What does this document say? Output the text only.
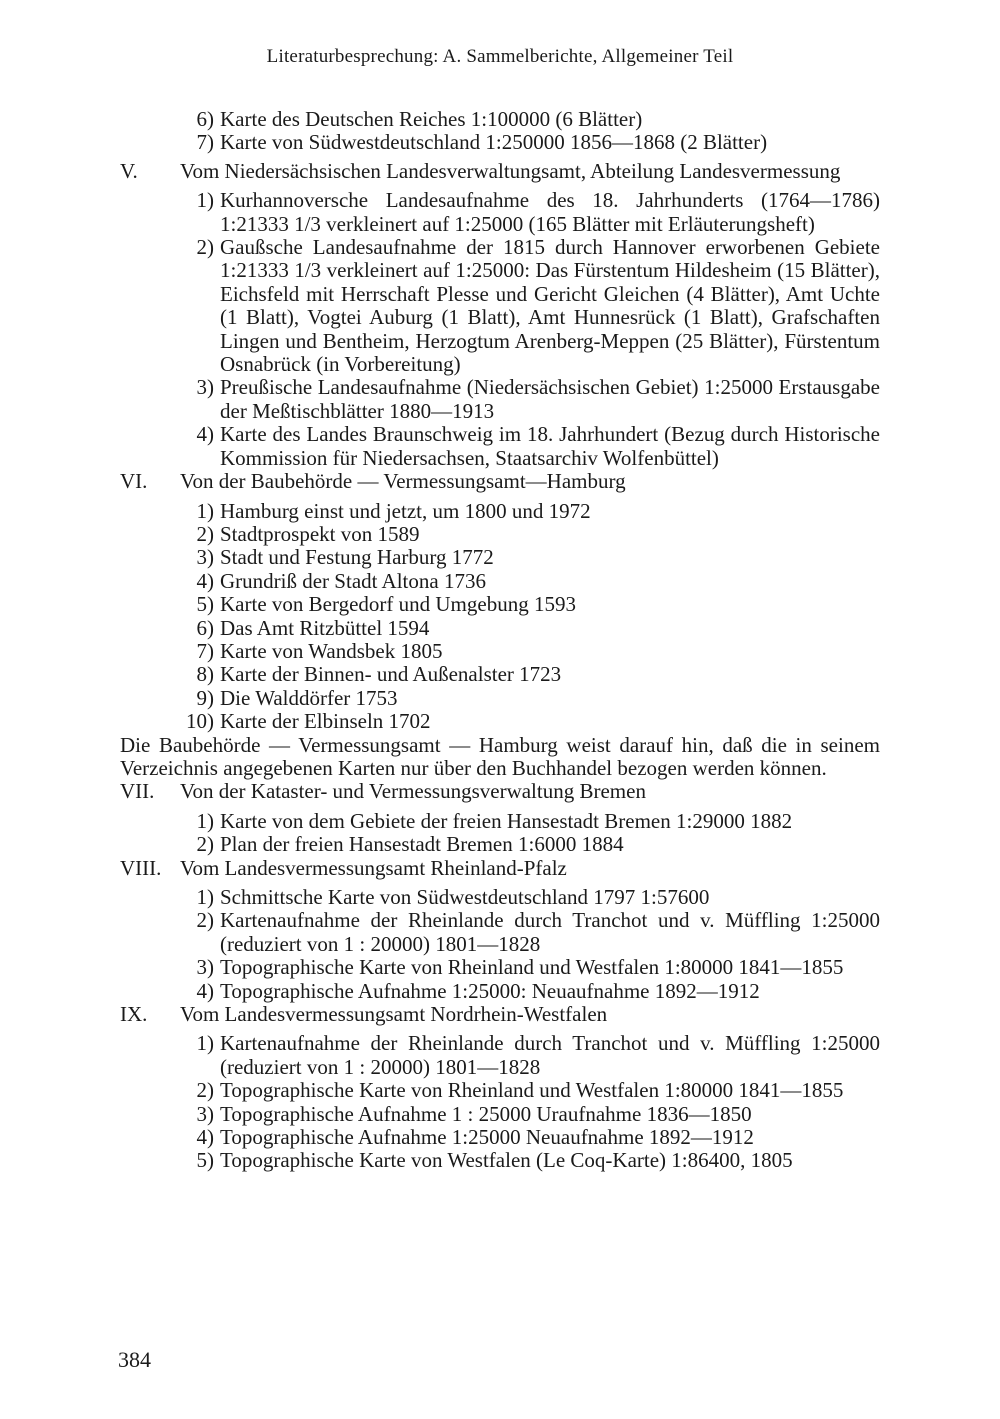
Literaturbesprechung: A. Sammelberichte, Allgemeiner Teil
6) Karte des Deutschen Reiches 1:100000 (6 Blätter)
7) Karte von Südwestdeutschland 1:250000 1856—1868 (2 Blätter)
V.	Vom Niedersächsischen Landesverwaltungsamt, Abteilung Landesvermessung
1) Kurhannoversche Landesaufnahme des 18. Jahrhunderts (1764—1786) 1:21333 1/3 verkleinert auf 1:25000 (165 Blätter mit Erläuterungsheft)
2) Gaußsche Landesaufnahme der 1815 durch Hannover erworbenen Gebiete 1:21333 1/3 verkleinert auf 1:25000: Das Fürstentum Hildesheim (15 Blätter), Eichsfeld mit Herrschaft Plesse und Gericht Gleichen (4 Blätter), Amt Uchte (1 Blatt), Vogtei Auburg (1 Blatt), Amt Hunnesrück (1 Blatt), Grafschaften Lingen und Bentheim, Herzogtum Arenberg-Meppen (25 Blätter), Fürstentum Osnabrück (in Vorbereitung)
3) Preußische Landesaufnahme (Niedersächsischen Gebiet) 1:25000 Erstausgabe der Meßtischblätter 1880—1913
4) Karte des Landes Braunschweig im 18. Jahrhundert (Bezug durch Historische Kommission für Niedersachsen, Staatsarchiv Wolfenbüttel)
VI.	Von der Baubehörde — Vermessungsamt—Hamburg
1) Hamburg einst und jetzt, um 1800 und 1972
2) Stadtprospekt von 1589
3) Stadt und Festung Harburg 1772
4) Grundriß der Stadt Altona 1736
5) Karte von Bergedorf und Umgebung 1593
6) Das Amt Ritzbüttel 1594
7) Karte von Wandsbek 1805
8) Karte der Binnen- und Außenalster 1723
9) Die Walddörfer 1753
10) Karte der Elbinseln 1702

Die Baubehörde — Vermessungsamt — Hamburg weist darauf hin, daß die in seinem Verzeichnis angegebenen Karten nur über den Buchhandel bezogen werden können.

VII.	Von der Kataster- und Vermessungsverwaltung Bremen
1) Karte von dem Gebiete der freien Hansestadt Bremen 1:29000 1882
2) Plan der freien Hansestadt Bremen 1:6000 1884
VIII. Vom Landesvermessungsamt Rheinland-Pfalz
1) Schmittsche Karte von Südwestdeutschland 1797 1:57600
2) Kartenaufnahme der Rheinlande durch Tranchot und v. Müffling 1:25000 (reduziert von 1 : 20000) 1801—1828
3) Topographische Karte von Rheinland und Westfalen 1:80000 1841—1855
4) Topographische Aufnahme 1:25000: Neuaufnahme 1892—1912
IX.	Vom Landesvermessungsamt Nordrhein-Westfalen
1) Kartenaufnahme der Rheinlande durch Tranchot und v. Müffling 1:25000 (reduziert von 1 : 20000) 1801—1828
2) Topographische Karte von Rheinland und Westfalen 1:80000 1841—1855
3) Topographische Aufnahme 1 : 25000 Uraufnahme 1836—1850
4) Topographische Aufnahme 1:25000 Neuaufnahme 1892—1912
5) Topographische Karte von Westfalen (Le Coq-Karte) 1:86400, 1805
384
